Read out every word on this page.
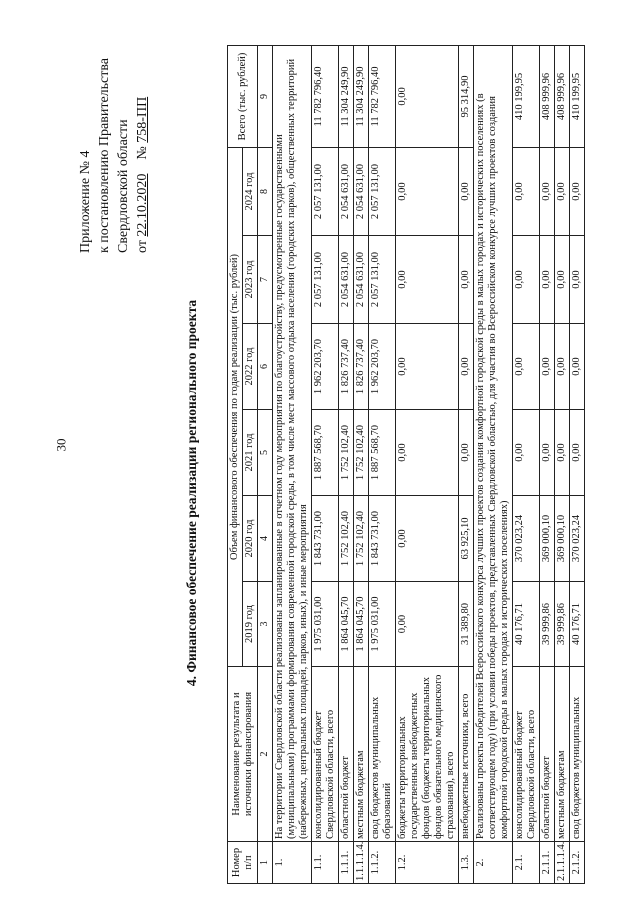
30
Приложение № 4 к постановлению Правительства Свердловской области от 22.10.2020    № 758-ПП
4. Финансовое обеспечение реализации регионального проекта
Номер п/п	Наименование результата и источники финансирования	Объем финансового обеспечения по годам реализации (тыс. рублей)						Всего (тыс. рублей)
		2019 год	2020 год	2021 год	2022 год	2023 год	2024 год	
1	2	3	4	5	6	7	8	9
1.	На территории Свердловской области реализованы запланированные в отчетном году мероприятия по благоустройству, предусмотренные государственными (муниципальными) программами формирования современной городской среды, в том числе мест массового отдыха населения (городских парков), общественных территорий (набережных, центральных площадей, парков, иных), и иные мероприятия							
1.1.	консолидированный бюджет Свердловской области, всего	1 975 031,00	1 843 731,00	1 887 568,70	1 962 203,70	2 057 131,00	2 057 131,00	11 782 796,40
1.1.1.	областной бюджет	1 864 045,70	1 752 102,40	1 752 102,40	1 826 737,40	2 054 631,00	2 054 631,00	11 304 249,90
1.1.1.1.4.	местным бюджетам	1 864 045,70	1 752 102,40	1 752 102,40	1 826 737,40	2 054 631,00	2 054 631,00	11 304 249,90
1.1.2.	свод бюджетов муниципальных образований	1 975 031,00	1 843 731,00	1 887 568,70	1 962 203,70	2 057 131,00	2 057 131,00	11 782 796,40
1.2.	бюджеты территориальных государственных внебюджетных фондов (бюджеты территориальных фондов обязательного медицинского страхования), всего	0,00	0,00	0,00	0,00	0,00	0,00	0,00
1.3.	внебюджетные источники, всего	31 389,80	63 925,10	0,00	0,00	0,00	0,00	95 314,90
2.	Реализованы проекты победителей Всероссийского конкурса лучших проектов создания комфортной городской среды в малых городах и исторических поселениях (в соответствующем году) (при условии победы проектов, представленных Свердловской областью, для участия во Всероссийском конкурсе лучших проектов создания комфортной городской среды в малых городах и исторических поселениях)							
2.1.	консолидированный бюджет Свердловской области, всего	40 176,71	370 023,24	0,00	0,00	0,00	0,00	410 199,95
2.1.1.	областной бюджет	39 999,86	369 000,10	0,00	0,00	0,00	0,00	408 999,96
2.1.1.1.4.	местным бюджетам	39 999,86	369 000,10	0,00	0,00	0,00	0,00	408 999,96
2.1.2.	свод бюджетов муниципальных	40 176,71	370 023,24	0,00	0,00	0,00	0,00	410 199,95
